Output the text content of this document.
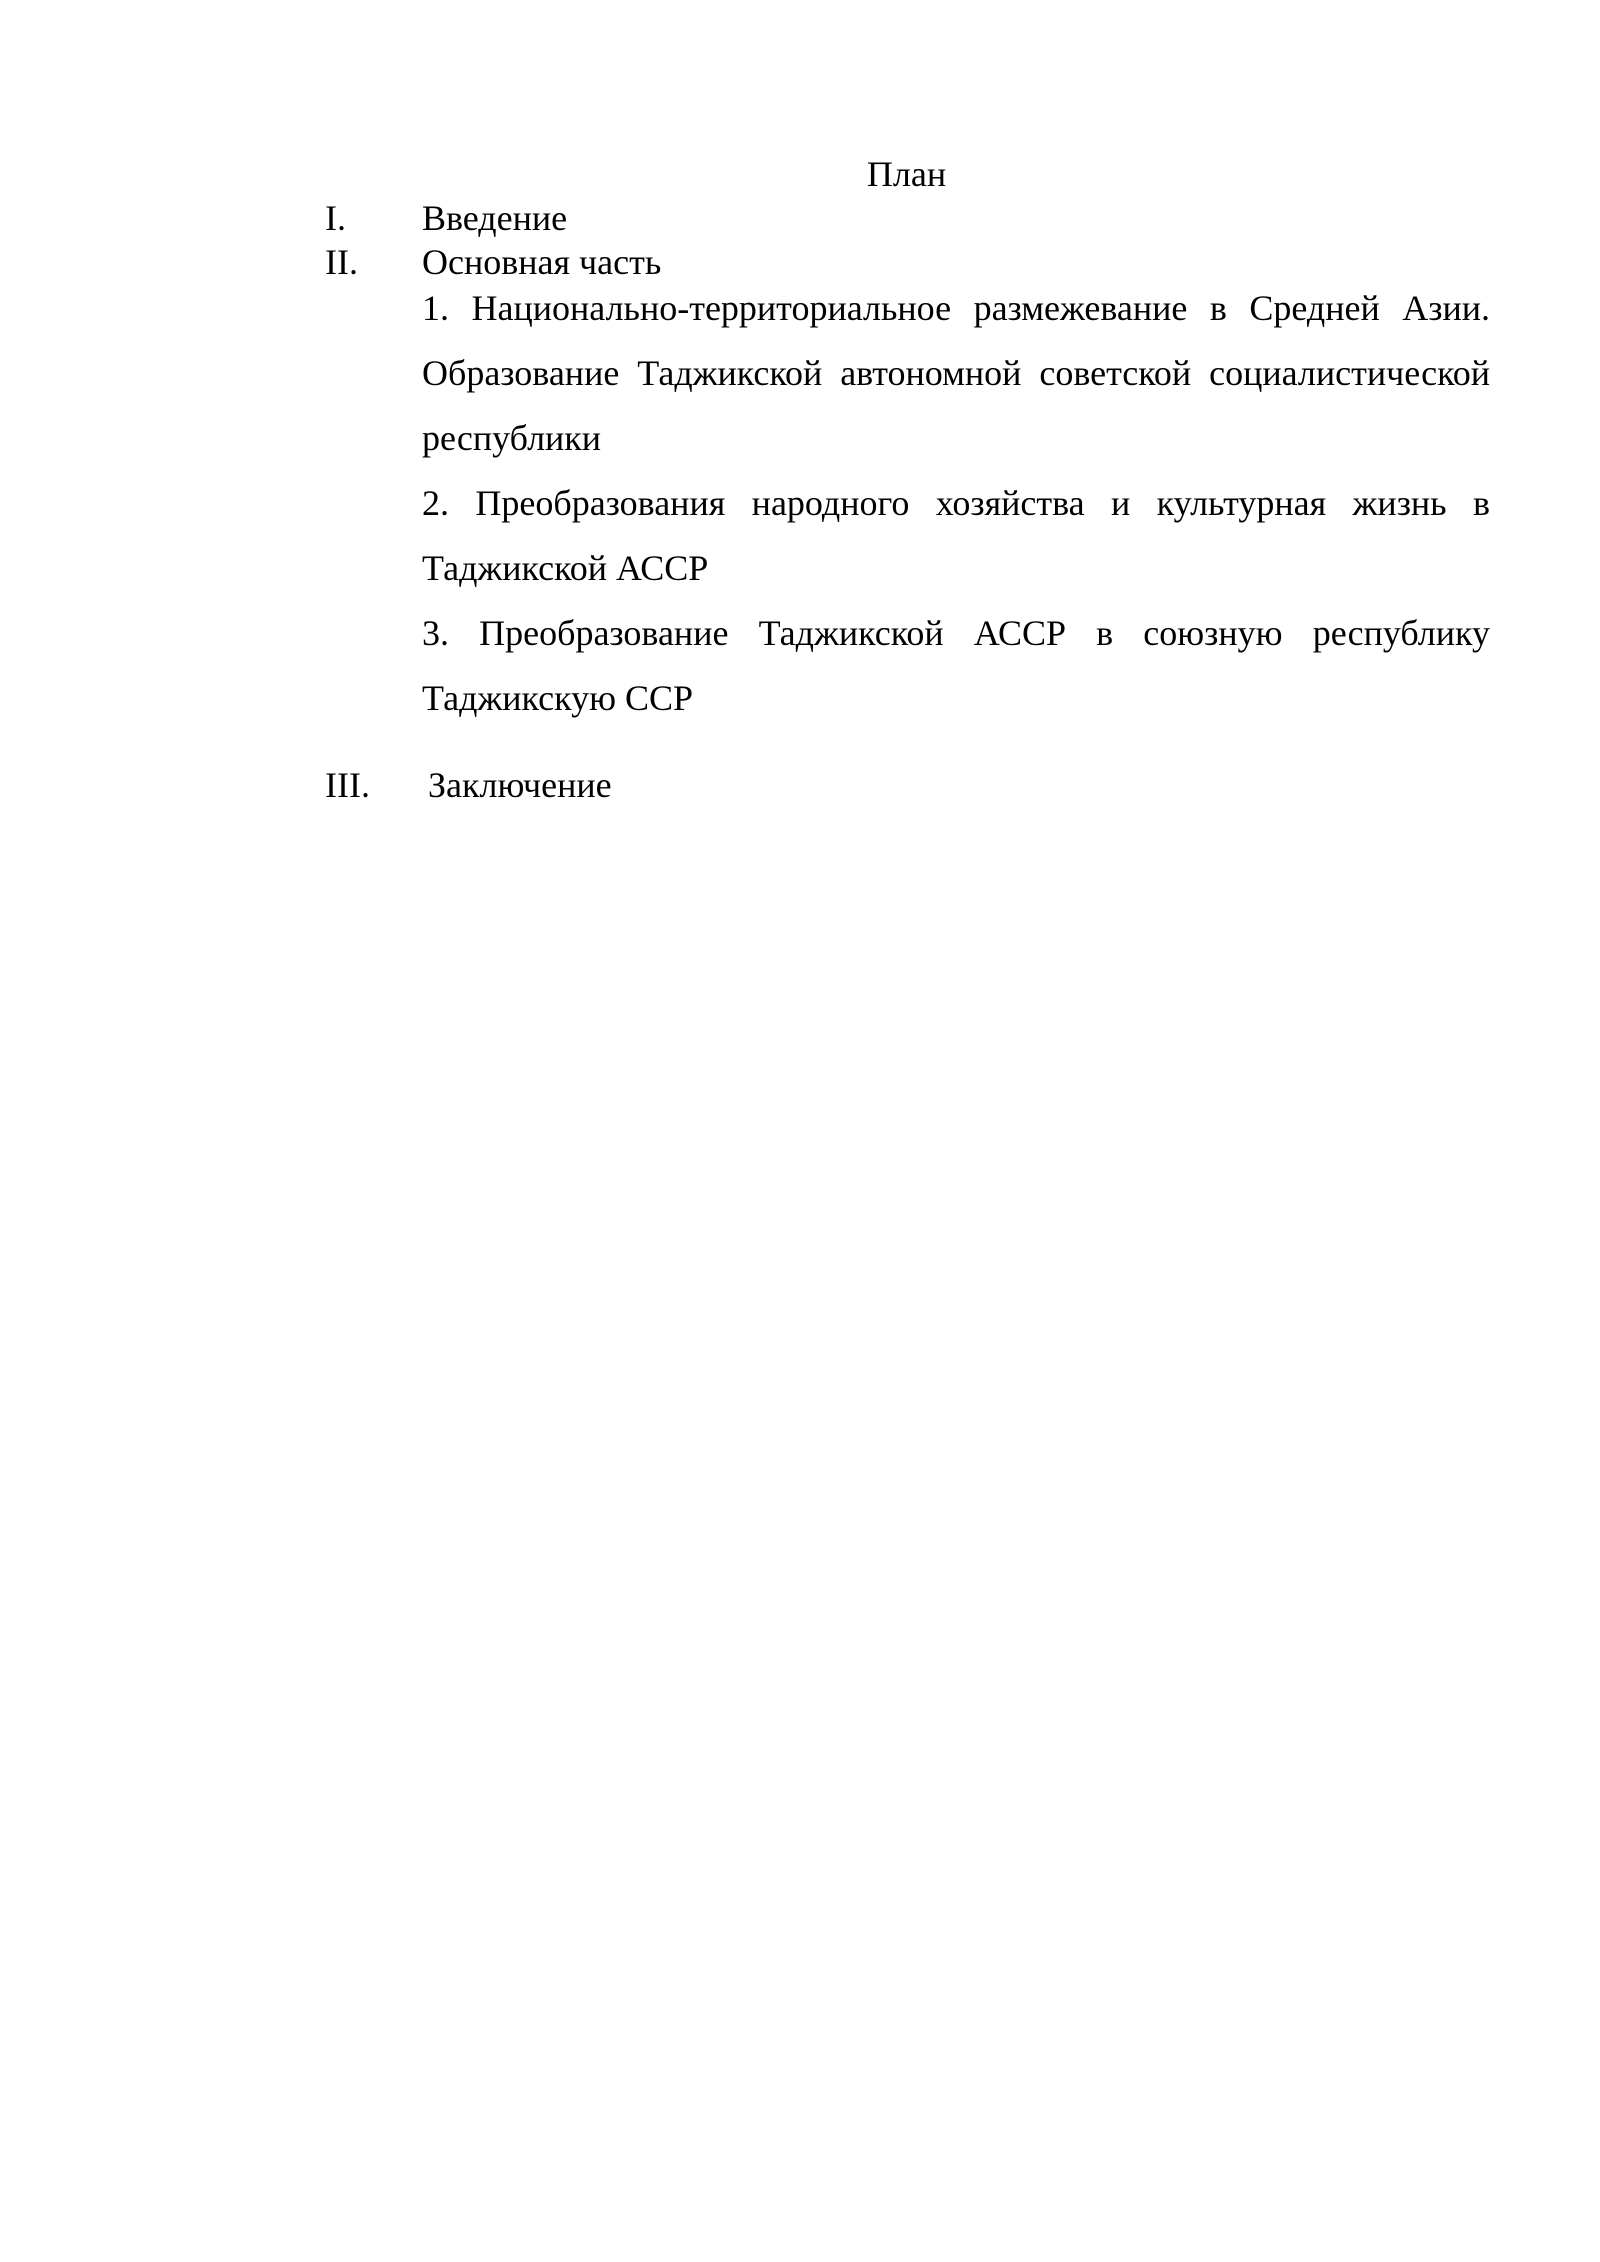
План
I. Введение
II. Основная часть
1. Национально-территориальное размежевание в Средней Азии. Образование Таджикской автономной советской социалистической республики
2. Преобразования народного хозяйства и культурная жизнь в Таджикской АССР
3. Преобразование Таджикской АССР в союзную республику Таджикскую ССР
III. Заключение
